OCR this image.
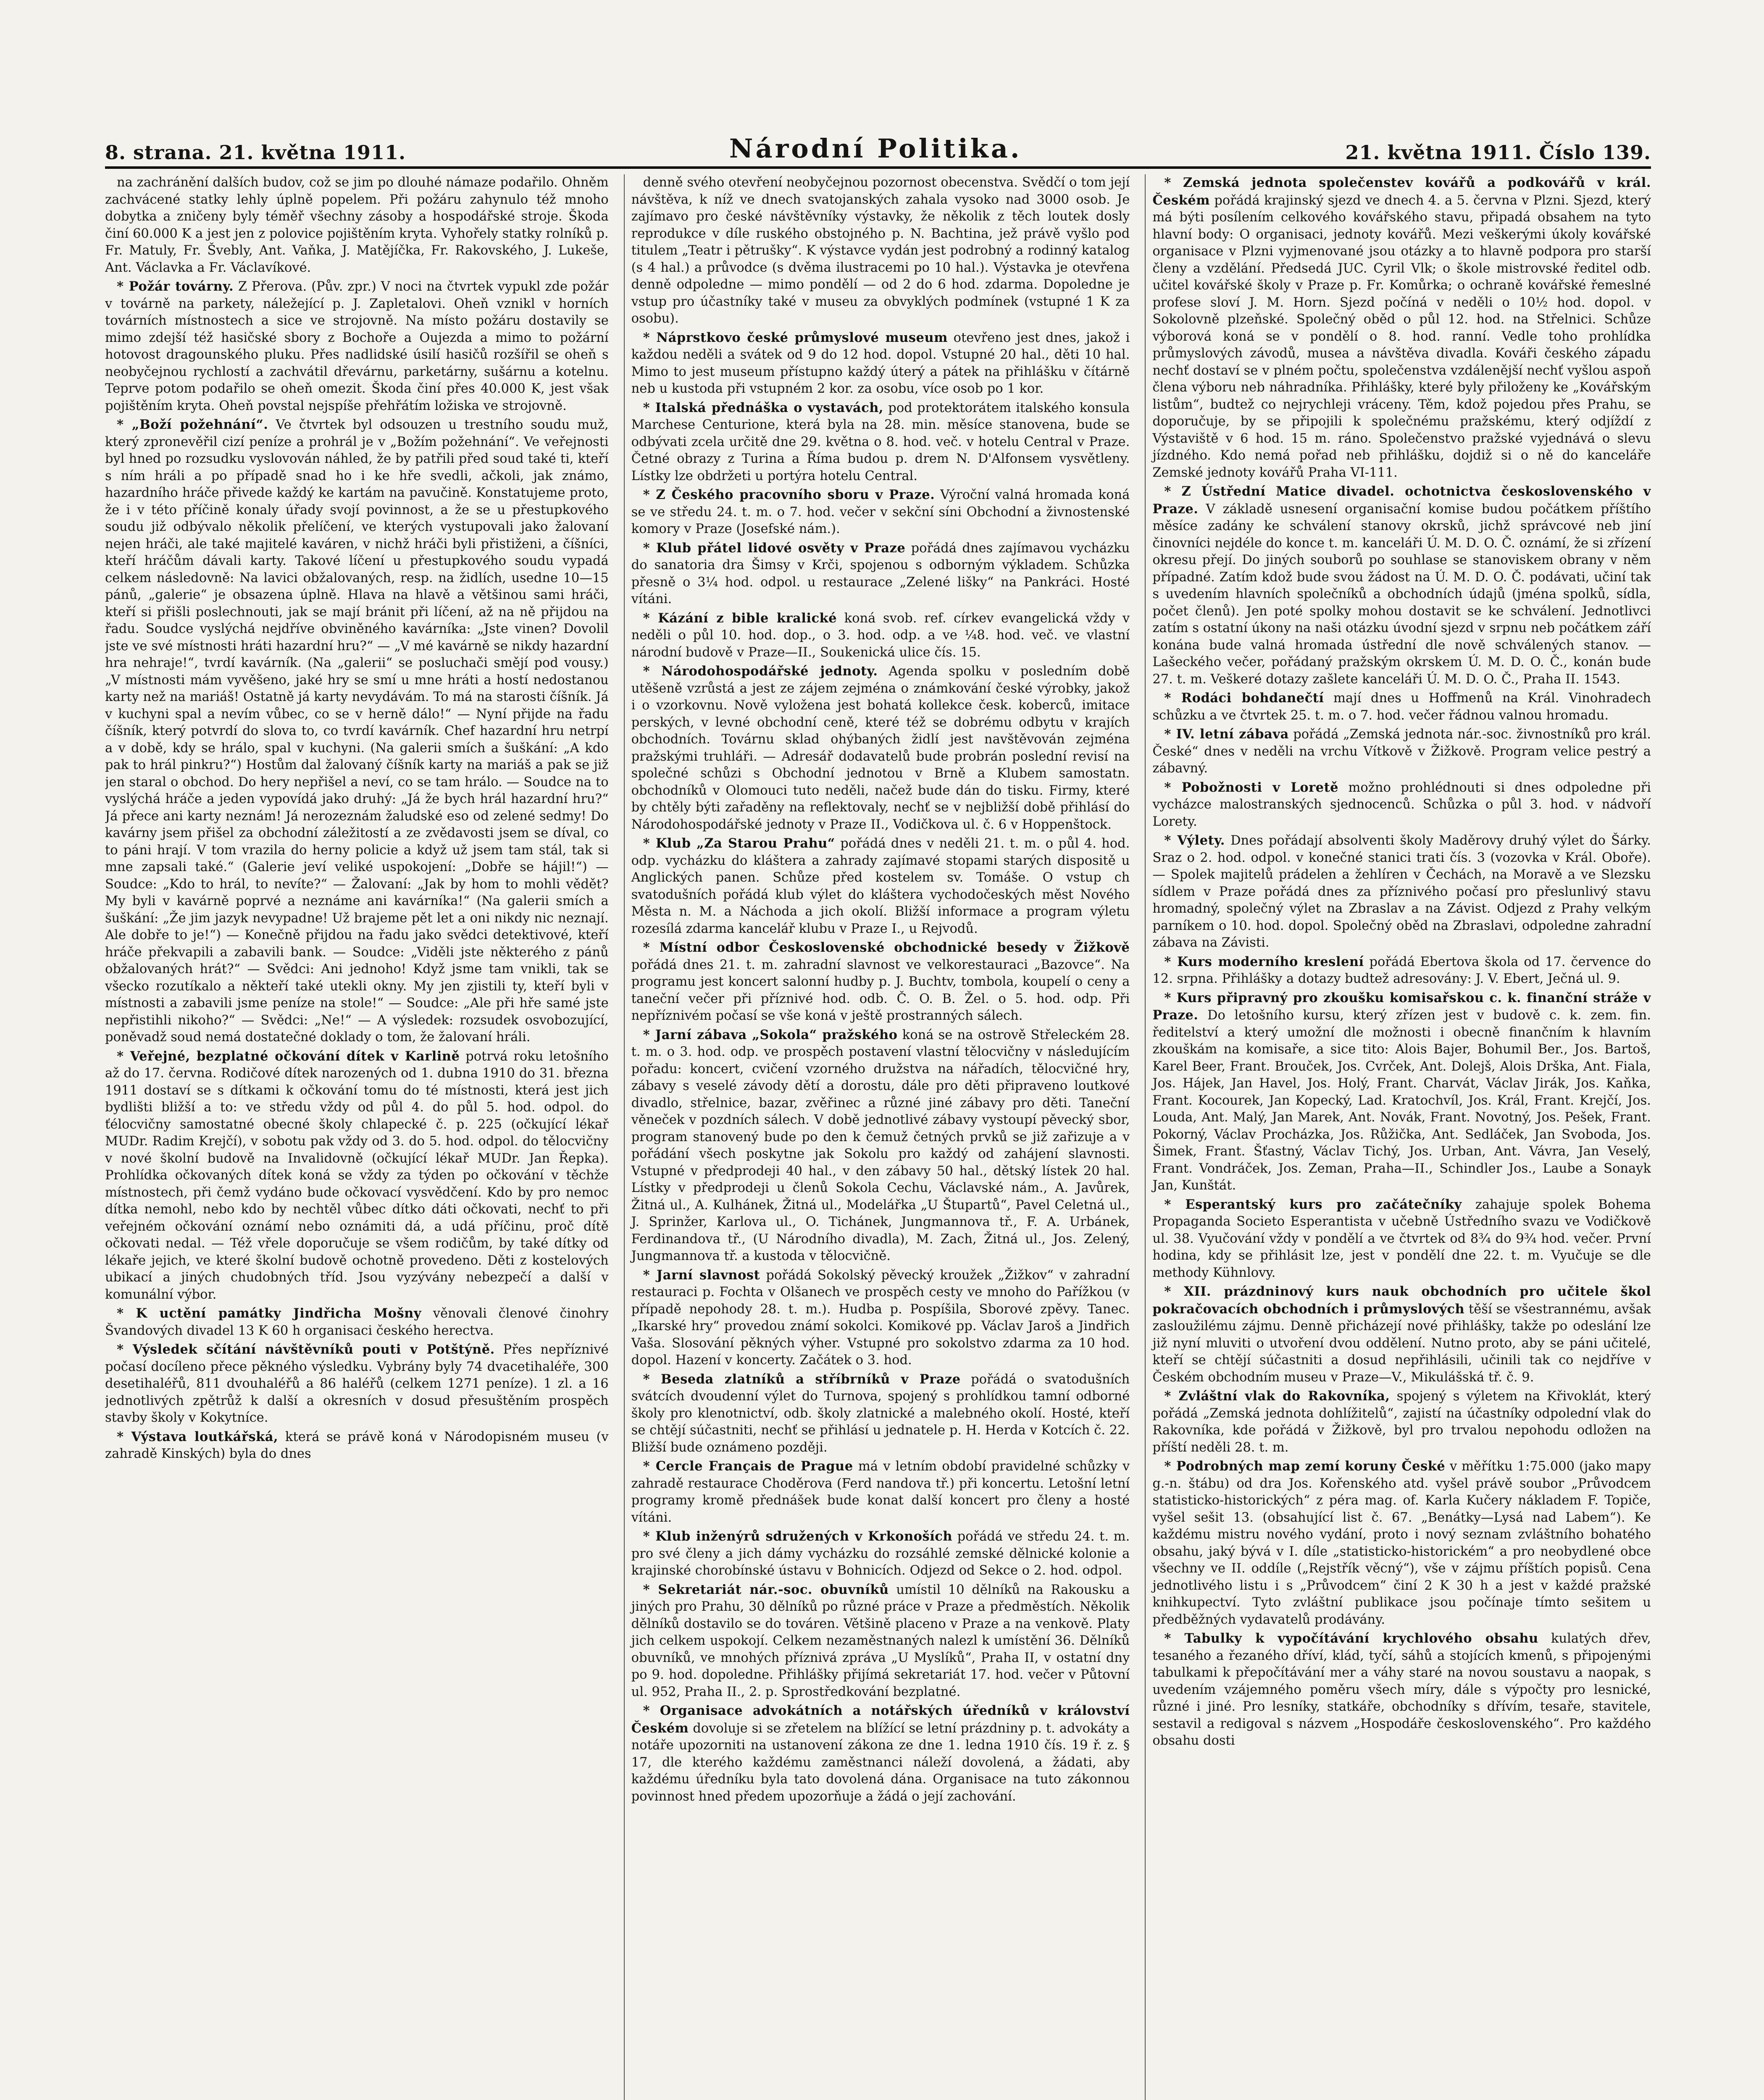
8. strana. 21. května 1911.	Národní Politika.	21. května 1911. Číslo 139.

na zachránění dalších budov, což se jim po dlouhé námaze podařilo. Ohněm zachvácené statky lehly úplně popelem. Při požáru zahynulo též mnoho dobytka a zničeny byly téměř všechny zásoby a hospodářské stroje. Škoda činí 60.000 K a jest jen z polovice pojištěním kryta. Vyhořely statky rolníků p. Fr. Matuly, Fr. Švebly, Ant. Vaňka, J. Matějíčka, Fr. Rakovského, J. Lukeše, Ant. Václavka a Fr. Václavíkové.

* Požár továrny. Z Přerova. (Pův. zpr.) V noci na čtvrtek vypukl zde požár v továrně na parkety, náležející p. J. Zapletalovi. Oheň vznikl v horních továrních místnostech a sice ve strojovně. Na místo požáru dostavily se mimo zdejší též hasičské sbory z Bochoře a Oujezda a mimo to požární hotovost dragounského pluku. Přes nadlidské úsilí hasičů rozšířil se oheň s neobyčejnou rychlostí a zachvátil dřevárnu, parketárny, sušárnu a kotelnu. Teprve potom podařilo se oheň omezit. Škoda činí přes 40.000 K, jest však pojištěním kryta. Oheň povstal nejspíše přehřátím ložiska ve strojovně.

* „Boží požehnání“. Ve čtvrtek byl odsouzen u trestního soudu muž, který zpronevěřil cizí peníze a prohrál je v „Božím požehnání“. Ve veřejnosti byl hned po rozsudku vyslovován náhled, že by patřili před soud také ti, kteří s ním hráli a po případě snad ho i ke hře svedli, ačkoli, jak známo, hazardního hráče přivede každý ke kartám na pavučině. Konstatujeme proto, že i v této příčině konaly úřady svojí povinnost, a že se u přestupkového soudu již odbývalo několik přelíčení, ve kterých vystupovali jako žalovaní nejen hráči, ale také majitelé kaváren, v nichž hráči byli přistiženi, a číšníci, kteří hráčům dávali karty. Takové líčení u přestupkového soudu vypadá celkem následovně: Na lavici obžalovaných, resp. na židlích, usedne 10—15 pánů, „galerie“ je obsazena úplně. Hlava na hlavě a většinou sami hráči, kteří si přišli poslechnouti, jak se mají bránit při líčení, až na ně přijdou na řadu. Soudce vyslýchá nejdříve obviněného kavárníka: „Jste vinen? Dovolil jste ve své místnosti hráti hazardní hru?“ — „V mé kavárně se nikdy hazardní hra nehraje!“, tvrdí kavárník. (Na „galerii“ se posluchači smějí pod vousy.) „V místnosti mám vyvěšeno, jaké hry se smí u mne hráti a hostí nedostanou karty než na mariáš! Ostatně já karty nevydávám. To má na starosti číšník. Já v kuchyni spal a nevím vůbec, co se v herně dálo!“ — Nyní přijde na řadu číšník, který potvrdí do slova to, co tvrdí kavárník. Chef hazardní hru netrpí a v době, kdy se hrálo, spal v kuchyni. (Na galerii smích a šuškání: „A kdo pak to hrál pinkru?“) Hostům dal žalovaný číšník karty na mariáš a pak se již jen staral o obchod. Do hery nepřišel a neví, co se tam hrálo. — Soudce na to vyslýchá hráče a jeden vypovídá jako druhý: „Já že bych hrál hazardní hru?“ Já přece ani karty neznám! Já nerozeznám žaludské eso od zelené sedmy! Do kavárny jsem přišel za obchodní záležitostí a ze zvědavosti jsem se díval, co to páni hrají. V tom vrazila do herny policie a když už jsem tam stál, tak si mne zapsali také.“ (Galerie jeví veliké uspokojení: „Dobře se hájil!“) — Soudce: „Kdo to hrál, to nevíte?“ — Žalovaní: „Jak by hom to mohli vědět? My byli v kavárně poprvé a neznáme ani kavárníka!“ (Na galerii smích a šuškání: „Že jim jazyk nevypadne! Už brajeme pět let a oni nikdy nic neznají. Ale dobře to je!“) — Konečně přijdou na řadu jako svědci detektivové, kteří hráče překvapili a zabavili bank. — Soudce: „Viděli jste některého z pánů obžalovaných hrát?“ — Svědci: Ani jednoho! Když jsme tam vnikli, tak se všecko rozutíkalo a někteří také utekli okny. My jen zjistili ty, kteří byli v místnosti a zabavili jsme peníze na stole!“ — Soudce: „Ale při hře samé jste nepřistihli nikoho?“ — Svědci: „Ne!“ — A výsledek: rozsudek osvobozující, poněvadž soud nemá dostatečné doklady o tom, že žalovaní hráli.

* Veřejné, bezplatné očkování dítek v Karlině potrvá roku letošního až do 17. června. Rodičové dítek narozených od 1. dubna 1910 do 31. března 1911 dostaví se s dítkami k očkování tomu do té místnosti, která jest jich bydlišti bližší a to: ve středu vždy od půl 4. do půl 5. hod. odpol. do ťélocvičny samostatné obecné školy chlapecké č. p. 225 (očkující lékař MUDr. Radim Krejčí), v sobotu pak vždy od 3. do 5. hod. odpol. do tělocvičny v nové školní budově na Invalidovně (očkující lékař MUDr. Jan Řepka). Prohlídka očkovaných dítek koná se vždy za týden po očkování v těchže místnostech, při čemž vydáno bude očkovací vysvědčení. Kdo by pro nemoc dítka nemohl, nebo kdo by nechtěl vůbec dítko dáti očkovati, nechť to při veřejném očkování oznámí nebo oznámiti dá, a udá příčinu, proč dítě očkovati nedal. — Též vřele doporučuje se všem rodičům, by také dítky od lékaře jejich, ve které školní budově ochotně provedeno. Děti z kostelových ubikací a jiných chudobných tříd. Jsou vyzývány nebezpečí a další v komunální výbor.

* K uctění památky Jindřicha Mošny věnovali členové činohry Švandových divadel 13 K 60 h organisaci českého herectva.

* Výsledek sčítání návštěvníků pouti v Potštýně. Přes nepříznivé počasí docíleno přece pěkného výsledku. Vybrány byly 74 dvacetihaléře, 300 desetihaléřů, 811 dvouhaléřů a 86 haléřů (celkem 1271 peníze). 1 zl. a 16 jednotlivých zpětrůž k další a okresních v dosud přesuštěním prospěch stavby školy v Kokytníce.

* Výstava loutkářská, která se právě koná v Národopisném museu (v zahradě Kinských) byla do dnes

denně svého otevření neobyčejnou pozornost obecenstva. Svědčí o tom její návštěva, k níž ve dnech svatojanských zahala vysoko nad 3000 osob. Je zajímavo pro české návštěvníky výstavky, že několik z těch loutek dosly reprodukce v díle ruského obstojného p. N. Bachtina, jež právě vyšlo pod titulem „Teatr i pětrušky“. K výstavce vydán jest podrobný a rodinný katalog (s 4 hal.) a průvodce (s dvěma ilustracemi po 10 hal.). Výstavka je otevřena denně odpoledne — mimo pondělí — od 2 do 6 hod. zdarma. Dopoledne je vstup pro účastníky také v museu za obvyklých podmínek (vstupné 1 K za osobu).

* Náprstkovo české průmyslové museum otevřeno jest dnes, jakož i každou neděli a svátek od 9 do 12 hod. dopol. Vstupné 20 hal., děti 10 hal. Mimo to jest museum přístupno každý úterý a pátek na přihlášku v čítárně neb u kustoda při vstupném 2 kor. za osobu, více osob po 1 kor.

* Italská přednáška o vystavách, pod protektorátem italského konsula Marchese Centurione, která byla na 28. min. měsíce stanovena, bude se odbývati zcela určitě dne 29. května o 8. hod. več. v hotelu Central v Praze. Četné obrazy z Turina a Říma budou p. drem N. D'Alfonsem vysvětleny. Lístky lze obdržeti u portýra hotelu Central.

* Z Českého pracovního sboru v Praze. Výroční valná hromada koná se ve středu 24. t. m. o 7. hod. večer v sekční síni Obchodní a živnostenské komory v Praze (Josefské nám.).

* Klub přátel lidové osvěty v Praze pořádá dnes zajímavou vycházku do sanatoria dra Šimsy v Krči, spojenou s odborným výkladem. Schůzka přesně o 3¼ hod. odpol. u restaurace „Zelené lišky“ na Pankráci. Hosté vítáni.

* Kázání z bible kralické koná svob. ref. církev evangelická vždy v neděli o půl 10. hod. dop., o 3. hod. odp. a ve ¼8. hod. več. ve vlastní národní budově v Praze—II., Soukenická ulice čís. 15.

* Národohospodářské jednoty. Agenda spolku v posledním době utěšeně vzrůstá a jest ze zájem zejména o známkování české výrobky, jakož i o vzorkovnu. Nově vyložena jest bohatá kollekce česk. koberců, imitace perských, v levné obchodní ceně, které též se dobrému odbytu v krajích obchodních. Továrnu sklad ohýbaných židlí jest navštěvován zejména pražskými truhláři. — Adresář dodavatelů bude probrán poslední revisí na společné schůzi s Obchodní jednotou v Brně a Klubem samostatn. obchodníků v Olomouci tuto neděli, načež bude dán do tisku. Firmy, které by chtěly býti zařaděny na reflektovaly, nechť se v nejbližší době přihlásí do Národohospodářské jednoty v Praze II., Vodičkova ul. č. 6 v Hoppenštock.

* Klub „Za Starou Prahu“ pořádá dnes v neděli 21. t. m. o půl 4. hod. odp. vycházku do kláštera a zahrady zajímavé stopami starých dispositě u Anglických panen. Schůze před kostelem sv. Tomáše. O vstup ch svatodušních pořádá klub výlet do kláštera vychodočeských měst Nového Města n. M. a Náchoda a jich okolí. Bližší informace a program výletu rozesílá zdarma kancelář klubu v Praze I., u Rejvodů.

* Místní odbor Československé obchodnické besedy v Žižkově pořádá dnes 21. t. m. zahradní slavnost ve velkorestauraci „Bazovce“. Na programu jest koncert salonní hudby p. J. Buchtv, tombola, koupelí o ceny a taneční večer při příznivé hod. odb. Č. O. B. Žel. o 5. hod. odp. Při nepříznivém počasí se vše koná v ještě prostranných sálech.

* Jarní zábava „Sokola“ pražského koná se na ostrově Střeleckém 28. t. m. o 3. hod. odp. ve prospěch postavení vlastní tělocvičny v následujícím pořadu: koncert, cvičení vzorného družstva na nářadích, tělocvičné hry, zábavy s veselé závody dětí a dorostu, dále pro děti připraveno loutkové divadlo, střelnice, bazar, zvěřinec a různé jiné zábavy pro děti. Taneční věneček v pozdních sálech. V době jednotlivé zábavy vystoupí pěvecký sbor, program stanovený bude po den k čemuž četných prvků se již zařizuje a v pořádání všech poskytne jak Sokolu pro každý od zahájení slavnosti. Vstupné v předprodeji 40 hal., v den zábavy 50 hal., dětský lístek 20 hal. Lístky v předprodeji u členů Sokola Cechu, Václavské nám., A. Javůrek, Žitná ul., A. Kulhánek, Žitná ul., Modelářka „U Štupartů“, Pavel Celetná ul., J. Sprinžer, Karlova ul., O. Tichánek, Jungmannova tř., F. A. Urbánek, Ferdinandova tř., (U Národního divadla), M. Zach, Žitná ul., Jos. Zelený, Jungmannova tř. a kustoda v tělocvičně.

* Jarní slavnost pořádá Sokolský pěvecký kroužek „Žižkov“ v zahradní restauraci p. Fochta v Olšanech ve prospěch cesty ve mnoho do Pařížkou (v případě nepohody 28. t. m.). Hudba p. Pospíšila, Sborové zpěvy. Tanec. „Ikarské hry“ provedou známí sokolci. Komikové pp. Václav Jaroš a Jindřich Vaša. Slosování pěkných výher. Vstupné pro sokolstvo zdarma za 10 hod. dopol. Hazení v koncerty. Začátek o 3. hod.

* Beseda zlatníků a stříbrníků v Praze pořádá o svatodušních svátcích dvoudenní výlet do Turnova, spojený s prohlídkou tamní odborné školy pro klenotnictví, odb. školy zlatnické a malebného okolí. Hosté, kteří se chtějí súčastniti, nechť se přihlásí u jednatele p. H. Herda v Kotcích č. 22. Bližší bude oznámeno později.

* Cercle Français de Prague má v letním období pravidelné schůzky v zahradě restaurace Choděrova (Ferd nandova tř.) při koncertu. Letošní letní programy kromě přednášek bude konat další koncert pro členy a hosté vítáni.

* Klub inženýrů sdružených v Krkonoších pořádá ve středu 24. t. m. pro své členy a jich dámy vycházku do rozsáhlé zemské dělnické kolonie a krajinské chorobínské ústavu v Bohnicích. Odjezd od Sekce o 2. hod. odpol.

* Sekretariát nár.-soc. obuvníků umístil 10 dělníků na Rakousku a jiných pro Prahu, 30 dělníků po různé práce v Praze a předměstích. Několik dělníků dostavilo se do továren. Většině placeno v Praze a na venkově. Platy jich celkem uspokojí. Celkem nezaměstnaných nalezl k umístění 36. Dělníků obuvníků, ve mnohých příznivá zpráva „U Myslíků“, Praha II, v ostatní dny po 9. hod. dopoledne. Přihlášky přijímá sekretariát 17. hod. večer v Půtovní ul. 952, Praha II., 2. p. Sprostředkování bezplatné.

* Organisace advokátních a notářských úředníků v království Českém dovoluje si se zřetelem na blížící se letní prázdniny p. t. advokáty a notáře upozorniti na ustanovení zákona ze dne 1. ledna 1910 čís. 19 ř. z. § 17, dle kterého každému zaměstnanci náleží dovolená, a žádati, aby každému úředníku byla tato dovolená dána. Organisace na tuto zákonnou povinnost hned předem upozorňuje a žádá o její zachování.

* Zemská jednota společenstev kovářů a podkovářů v král. Českém pořádá krajinský sjezd ve dnech 4. a 5. června v Plzni. Sjezd, který má býti posílením celkového kovářského stavu, připadá obsahem na tyto hlavní body: O organisaci, jednoty kovářů. Mezi veškerými úkoly kovářské organisace v Plzni vyjmenované jsou otázky a to hlavně podpora pro starší členy a vzdělání. Předsedá JUC. Cyril Vlk; o škole mistrovské ředitel odb. učitel kovářské školy v Praze p. Fr. Komůrka; o ochraně kovářské řemeslné profese sloví J. M. Horn. Sjezd počíná v neděli o 10½ hod. dopol. v Sokolovně plzeňské. Společný oběd o půl 12. hod. na Střelnici. Schůze výborová koná se v pondělí o 8. hod. ranní. Vedle toho prohlídka průmyslových závodů, musea a návštěva divadla. Kováři českého západu nechť dostaví se v plném počtu, společenstva vzdálenější nechť vyšlou aspoň člena výboru neb náhradníka. Přihlášky, které byly přiloženy ke „Kovářským listům“, budtež co nejrychleji vráceny. Těm, kdož pojedou přes Prahu, se doporučuje, by se připojili k společnému pražskému, který odjíždí z Výstaviště v 6 hod. 15 m. ráno. Společenstvo pražské vyjednává o slevu jízdného. Kdo nemá pořad neb přihlášku, dojdiž si o ně do kanceláře Zemské jednoty kovářů Praha VI-111.

* Z Ústřední Matice divadel. ochotnictva československého v Praze. V základě usnesení organisační komise budou počátkem příštího měsíce zadány ke schválení stanovy okrsků, jichž správcové neb jiní činovníci nejdéle do konce t. m. kanceláři Ú. M. D. O. Č. oznámí, že si zřízení okresu přejí. Do jiných souborů po souhlase se stanoviskem obrany v něm případné. Zatím kdož bude svou žádost na Ú. M. D. O. Č. podávati, učiní tak s uvedením hlavních společníků a obchodních údajů (jména spolků, sídla, počet členů). Jen poté spolky mohou dostavit se ke schválení. Jednotlivci zatím s ostatní úkony na naši otázku úvodní sjezd v srpnu neb počátkem září konána bude valná hromada ústřední dle nově schválených stanov. — Lašeckého večer, pořádaný pražským okrskem Ú. M. D. O. Č., konán bude 27. t. m. Veškeré dotazy zašlete kanceláři Ú. M. D. O. Č., Praha II. 1543.

* Rodáci bohdanečtí mají dnes u Hoffmenů na Král. Vinohradech schůzku a ve čtvrtek 25. t. m. o 7. hod. večer řádnou valnou hromadu.

* IV. letní zábava pořádá „Zemská jednota nár.-soc. živnostníků pro král. České“ dnes v neděli na vrchu Vítkově v Žižkově. Program velice pestrý a zábavný.

* Pobožnosti v Loretě možno prohlédnouti si dnes odpoledne při vycházce malostranských sjednocenců. Schůzka o půl 3. hod. v nádvoří Lorety.

* Výlety. Dnes pořádají absolventi školy Maděrovy druhý výlet do Šárky. Sraz o 2. hod. odpol. v konečné stanici trati čís. 3 (vozovka v Král. Oboře). — Spolek majitelů prádelen a žehlíren v Čechách, na Moravě a ve Slezsku sídlem v Praze pořádá dnes za příznivého počasí pro přeslunlivý stavu hromadný, společný výlet na Zbraslav a na Závist. Odjezd z Prahy velkým parníkem o 10. hod. dopol. Společný oběd na Zbraslavi, odpoledne zahradní zábava na Závisti.

* Kurs moderního kreslení pořádá Ebertova škola od 17. července do 12. srpna. Přihlášky a dotazy budtež adresovány: J. V. Ebert, Ječná ul. 9.

* Kurs připravný pro zkoušku komisařskou c. k. finanční stráže v Praze. Do letošního kursu, který zřízen jest v budově c. k. zem. fin. ředitelství a který umožní dle možnosti i obecně finančním k hlavním zkouškám na komisaře, a sice tito: Alois Bajer, Bohumil Ber., Jos. Bartoš, Karel Beer, Frant. Brouček, Jos. Cvrček, Ant. Dolejš, Alois Drška, Ant. Fiala, Jos. Hájek, Jan Havel, Jos. Holý, Frant. Charvát, Václav Jirák, Jos. Kaňka, Frant. Kocourek, Jan Kopecký, Lad. Kratochvíl, Jos. Král, Frant. Krejčí, Jos. Louda, Ant. Malý, Jan Marek, Ant. Novák, Frant. Novotný, Jos. Pešek, Frant. Pokorný, Václav Procházka, Jos. Růžička, Ant. Sedláček, Jan Svoboda, Jos. Šimek, Frant. Šťastný, Václav Tichý, Jos. Urban, Ant. Vávra, Jan Veselý, Frant. Vondráček, Jos. Zeman, Praha—II., Schindler Jos., Laube a Sonayk Jan, Kunštát.

* Esperantský kurs pro začátečníky zahajuje spolek Bohema Propaganda Societo Esperantista v učebně Ústředního svazu ve Vodičkově ul. 38. Vyučování vždy v pondělí a ve čtvrtek od 8¾ do 9¾ hod. večer. První hodina, kdy se přihlásit lze, jest v pondělí dne 22. t. m. Vyučuje se dle methody Kühnlovy.

* XII. prázdninový kurs nauk obchodních pro učitele škol pokračovacích obchodních i průmyslových těší se všestrannému, avšak zasloužilému zájmu. Denně přicházejí nové přihlášky, takže po odeslání lze již nyní mluviti o utvoření dvou oddělení. Nutno proto, aby se páni učitelé, kteří se chtějí súčastniti a dosud nepřihlásili, učinili tak co nejdříve v Českém obchodním museu v Praze—V., Mikulášská tř. č. 9.

* Zvláštní vlak do Rakovníka, spojený s výletem na Křivoklát, který pořádá „Zemská jednota dohlížitelů“, zajistí na účastníky odpolední vlak do Rakovníka, kde pořádá v Žižkově, byl pro trvalou nepohodu odložen na příští neděli 28. t. m.

* Podrobných map zemí koruny České v měřítku 1:75.000 (jako mapy g.-n. štábu) od dra Jos. Kořenského atd. vyšel právě soubor „Průvodcem statisticko-historických“ z péra mag. of. Karla Kučery nákladem F. Topiče, vyšel sešit 13. (obsahující list č. 67. „Benátky—Lysá nad Labem“). Ke každému mistru nového vydání, proto i nový seznam zvláštního bohatého obsahu, jaký bývá v I. díle „statisticko-historickém“ a pro neobydlené obce všechny ve II. oddíle („Rejstřík věcný“), vše v zájmu příštích popisů. Cena jednotlivého listu i s „Průvodcem“ činí 2 K 30 h a jest v každé pražské knihkupectví. Tyto zvláštní publikace jsou počínaje tímto sešitem u předběžných vydavatelů prodávány.

* Tabulky k vypočítávání krychlového obsahu kulatých dřev, tesaného a řezaného dříví, klád, tyčí, sáhů a stojících kmenů, s připojenými tabulkami k přepočítávání mer a váhy staré na novou soustavu a naopak, s uvedením vzájemného poměru všech míry, dále s výpočty pro lesnické, různé i jiné. Pro lesníky, statkáře, obchodníky s dřívím, tesaře, stavitele, sestavil a redigoval s názvem „Hospodáře československého“. Pro každého obsahu dosti
